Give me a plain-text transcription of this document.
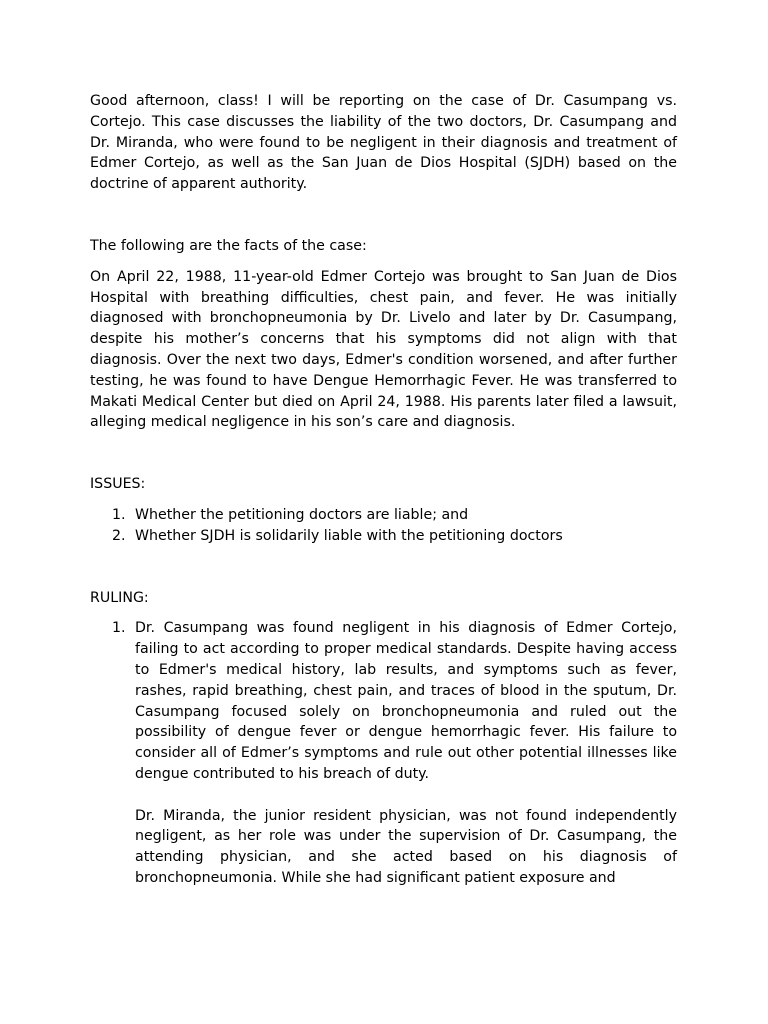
Good afternoon, class! I will be reporting on the case of Dr. Casumpang vs. Cortejo. This case discusses the liability of the two doctors, Dr. Casumpang and Dr. Miranda, who were found to be negligent in their diagnosis and treatment of Edmer Cortejo, as well as the San Juan de Dios Hospital (SJDH) based on the doctrine of apparent authority.

The following are the facts of the case:

On April 22, 1988, 11-year-old Edmer Cortejo was brought to San Juan de Dios Hospital with breathing difficulties, chest pain, and fever. He was initially diagnosed with bronchopneumonia by Dr. Livelo and later by Dr. Casumpang, despite his mother’s concerns that his symptoms did not align with that diagnosis. Over the next two days, Edmer's condition worsened, and after further testing, he was found to have Dengue Hemorrhagic Fever. He was transferred to Makati Medical Center but died on April 24, 1988. His parents later filed a lawsuit, alleging medical negligence in his son’s care and diagnosis.

ISSUES:

1. Whether the petitioning doctors are liable; and
2. Whether SJDH is solidarily liable with the petitioning doctors

RULING:

1. Dr. Casumpang was found negligent in his diagnosis of Edmer Cortejo, failing to act according to proper medical standards. Despite having access to Edmer's medical history, lab results, and symptoms such as fever, rashes, rapid breathing, chest pain, and traces of blood in the sputum, Dr. Casumpang focused solely on bronchopneumonia and ruled out the possibility of dengue fever or dengue hemorrhagic fever. His failure to consider all of Edmer’s symptoms and rule out other potential illnesses like dengue contributed to his breach of duty.
Dr. Miranda, the junior resident physician, was not found independently negligent, as her role was under the supervision of Dr. Casumpang, the attending physician, and she acted based on his diagnosis of bronchopneumonia. While she had significant patient exposure and
